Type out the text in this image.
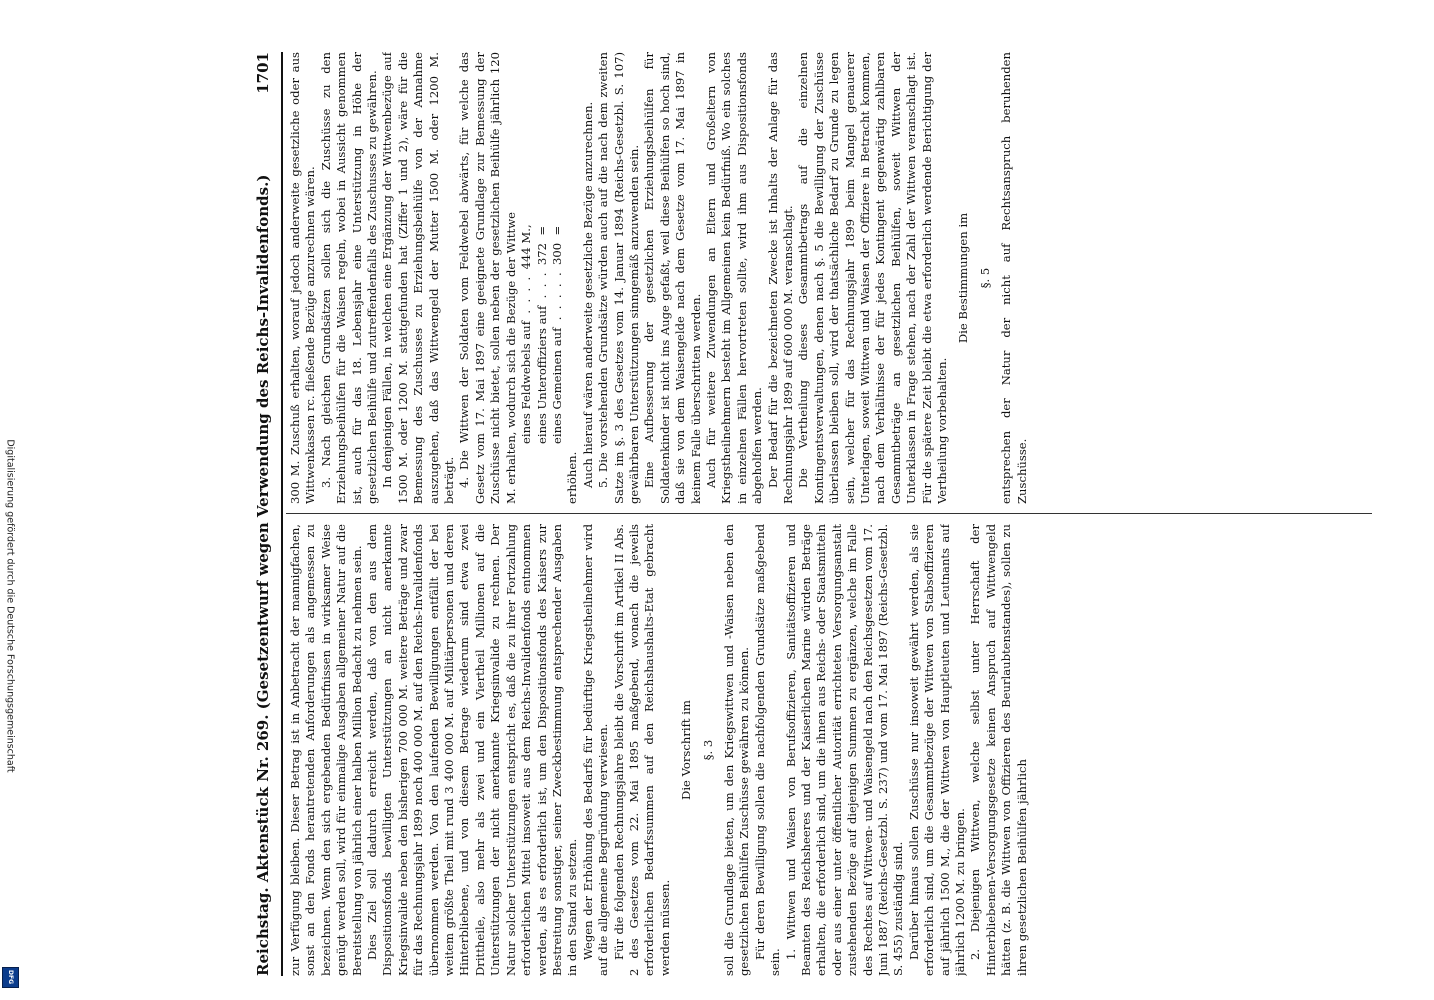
Digitalisierung gefördert durch die Deutsche Forschungsgemeinschaft
DFG
Reichstag. Aktenstück Nr. 269. (Gesetzentwurf wegen Verwendung des Reichs-Invalidenfonds.)
1701

zur Verfügung bleiben. Dieser Betrag ist in Anbetracht der mannigfachen, sonst an den Fonds herantretenden Anforderungen als angemessen zu bezeichnen. Wenn den sich ergebenden Bedürfnissen in wirksamer Weise genügt werden soll, wird für einmalige Ausgaben allgemeiner Natur auf die Bereitstellung von jährlich einer halben Million Bedacht zu nehmen sein. Dies Ziel soll dadurch erreicht werden, daß von den aus dem Dispositionsfonds bewilligten Unterstützungen an nicht anerkannte Kriegsinvalide neben den bisherigen 700 000 M. weitere Beträge und zwar für das Rechnungsjahr 1899 noch 400 000 M. auf den Reichs-Invalidenfonds übernommen werden. Von den laufenden Bewilligungen entfällt der bei weitem größte Theil mit rund 3 400 000 M. auf Militärpersonen und deren Hinterbliebene, und von diesem Betrage wiederum sind etwa zwei Drittheile, also mehr als zwei und ein Viertheil Millionen auf die Unterstützungen der nicht anerkannte Kriegsinvalide zu rechnen. Der Natur solcher Unterstützungen entspricht es, daß die zu ihrer Fortzahlung erforderlichen Mittel insoweit aus dem Reichs-Invalidenfonds entnommen werden, als es erforderlich ist, um den Dispositionsfonds des Kaisers zur Bestreitung sonstiger, seiner Zweckbestimmung entsprechender Ausgaben in den Stand zu setzen. Wegen der Erhöhung des Bedarfs für bedürftige Kriegstheilnehmer wird auf die allgemeine Begründung verwiesen. Für die folgenden Rechnungsjahre bleibt die Vorschrift im Artikel II Abs. 2 des Gesetzes vom 22. Mai 1895 maßgebend, wonach die jeweils erforderlichen Bedarfssummen auf den Reichshaushalts-Etat gebracht werden müssen.

Die Vorschrift im §. 3 soll die Grundlage bieten, um den Kriegswittwen und -Waisen neben den gesetzlichen Beihülfen Zuschüsse gewähren zu können. Für deren Bewilligung sollen die nachfolgenden Grundsätze maßgebend sein.

1. Wittwen und Waisen von Berufsoffizieren, Sanitätsoffizieren und Beamten des Reichsheeres und der Kaiserlichen Marine würden Beträge erhalten, die erforderlich sind, um die ihnen aus Reichs- oder Staatsmitteln oder aus einer unter öffentlicher Autorität errichteten Versorgungsanstalt zustehenden Bezüge auf diejenigen Summen zu ergänzen, welche im Falle des Rechtes auf Wittwen- und Waisengeld nach den Reichsgesetzen vom 17. Juni 1887 (Reichs-Gesetzbl. S. 237) und vom 17. Mai 1897 (Reichs-Gesetzbl. S. 455) zuständig sind. Darüber hinaus sollen Zuschüsse nur insoweit gewährt werden, als sie erforderlich sind, um die Gesammtbezüge der Wittwen von Stabsoffizieren auf jährlich 1500 M., die der Wittwen von Hauptleuten und Leutnants auf jährlich 1200 M. zu bringen. 2. Diejenigen Wittwen, welche selbst unter Herrschaft der Hinterbliebenen-Versorgungsgesetze keinen Anspruch auf Wittwengeld hätten (z. B. die Wittwen von Offizieren des Beurlaubtenstandes), sollen zu ihren gesetzlichen Beihülfen jährlich

300 M. Zuschuß erhalten, worauf jedoch anderweite gesetzliche oder aus Wittwenkassen rc. fließende Bezüge anzurechnen wären. 3. Nach gleichen Grundsätzen sollen sich die Zuschüsse zu den Erziehungsbeihülfen für die Waisen regeln, wobei in Aussicht genommen ist, auch für das 18. Lebensjahr eine Unterstützung in Höhe der gesetzlichen Beihülfe und zutreffendenfalls des Zuschusses zu gewähren. In denjenigen Fällen, in welchen eine Ergänzung der Wittwenbezüge auf 1500 M. oder 1200 M. stattgefunden hat (Ziffer 1 und 2), wäre für die Bemessung des Zuschusses zu Erziehungsbeihülfe von der Annahme auszugehen, daß das Wittwengeld der Mutter 1500 M. oder 1200 M. beträgt. 4. Die Wittwen der Soldaten vom Feldwebel abwärts, für welche das Gesetz vom 17. Mai 1897 eine geeignete Grundlage zur Bemessung der Zuschüsse nicht bietet, sollen neben der gesetzlichen Beihülfe jährlich 120 M. erhalten, wodurch sich die Bezüge der Wittwe eines Feldwebels auf  .  .  .  .  444 M., eines Unteroffiziers auf  .  .  .  372  = eines Gemeinen auf  .  .  .  .  .  300  =

erhöhen. Auch hierauf wären anderweite gesetzliche Bezüge anzurechnen. 5. Die vorstehenden Grundsätze würden auch auf die nach dem zweiten Satze im §. 3 des Gesetzes vom 14. Januar 1894 (Reichs-Gesetzbl. S. 107) gewährbaren Unterstützungen sinngemäß anzuwenden sein. Eine Aufbesserung der gesetzlichen Erziehungsbeihülfen für Soldatenkinder ist nicht ins Auge gefaßt, weil diese Beihülfen so hoch sind, daß sie von dem Waisengelde nach dem Gesetze vom 17. Mai 1897 in keinem Falle überschritten werden. Auch für weitere Zuwendungen an Eltern und Großeltern von Kriegstheilnehmern besteht im Allgemeinen kein Bedürfniß. Wo ein solches in einzelnen Fällen hervortreten sollte, wird ihm aus Dispositionsfonds abgeholfen werden. Der Bedarf für die bezeichneten Zwecke ist Inhalts der Anlage für das Rechnungsjahr 1899 auf 600 000 M. veranschlagt. Die Vertheilung dieses Gesammtbetrags auf die einzelnen Kontingentsverwaltungen, denen nach §. 5 die Bewilligung der Zuschüsse überlassen bleiben soll, wird der thatsächliche Bedarf zu Grunde zu legen sein, welcher für das Rechnungsjahr 1899 beim Mangel genauerer Unterlagen, soweit Wittwen und Waisen der Offiziere in Betracht kommen, nach dem Verhältnisse der für jedes Kontingent gegenwärtig zahlbaren Gesammtbeträge an gesetzlichen Beihülfen, soweit Wittwen der Unterklassen in Frage stehen, nach der Zahl der Wittwen veranschlagt ist. Für die spätere Zeit bleibt die etwa erforderlich werdende Berichtigung der Vertheilung vorbehalten.

Die Bestimmungen im §. 5 entsprechen der Natur der nicht auf Rechtsanspruch beruhenden Zuschüsse.
